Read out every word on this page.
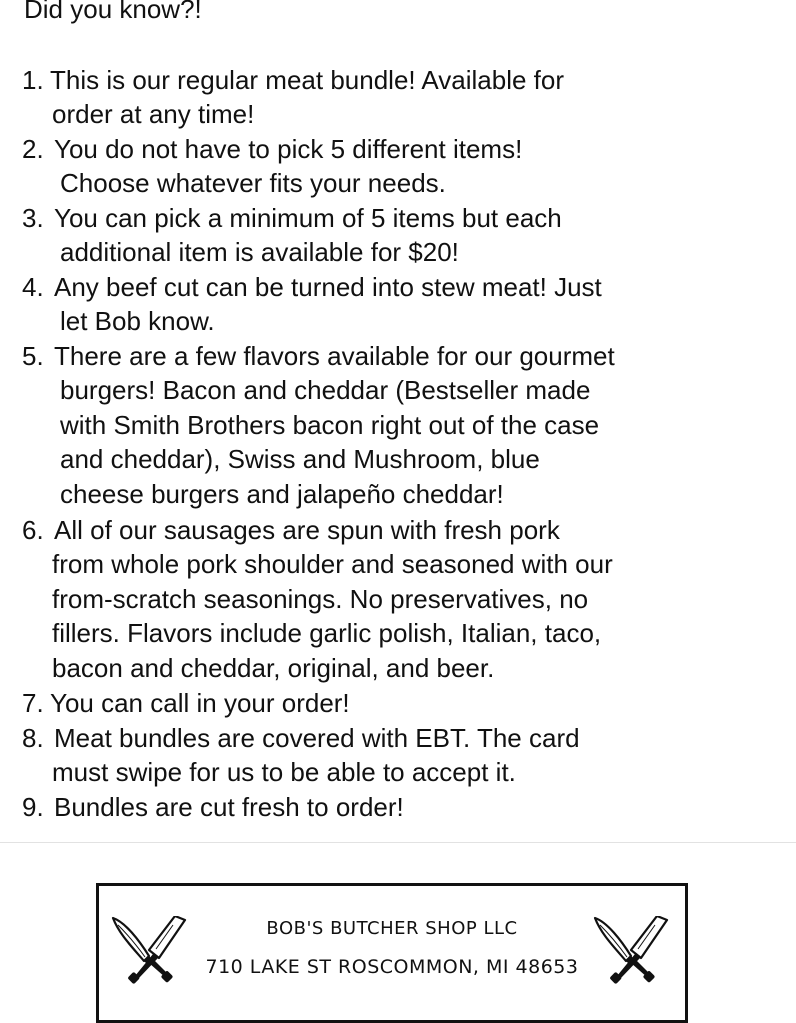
Did you know?!
1. This is our regular meat bundle! Available for
order at any time!
2. You do not have to pick 5 different items!
Choose whatever fits your needs.
3. You can pick a minimum of 5 items but each
additional item is available for $20!
4. Any beef cut can be turned into stew meat! Just
let Bob know.
5. There are a few flavors available for our gourmet
burgers! Bacon and cheddar (Bestseller made
with Smith Brothers bacon right out of the case
and cheddar), Swiss and Mushroom, blue
cheese burgers and jalapeño cheddar!
6. All of our sausages are spun with fresh pork
from whole pork shoulder and seasoned with our
from-scratch seasonings. No preservatives, no
fillers. Flavors include garlic polish, Italian, taco,
bacon and cheddar, original, and beer.
7. You can call in your order!
8. Meat bundles are covered with EBT. The card
must swipe for us to be able to accept it.
9. Bundles are cut fresh to order!
BOB'S BUTCHER SHOP LLC
710 LAKE ST ROSCOMMON, MI 48653
